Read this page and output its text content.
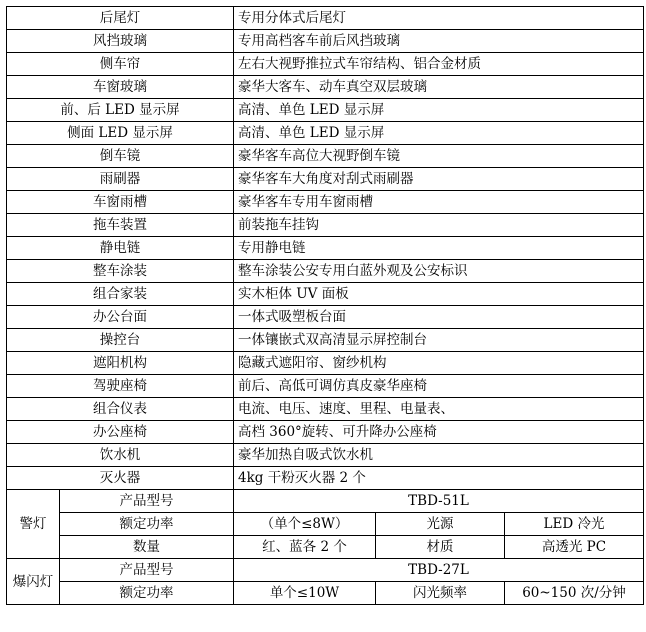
后尾灯		专用分体式后尾灯		
风挡玻璃		专用高档客车前后风挡玻璃		
侧车帘		左右大视野推拉式车帘结构、铝合金材质		
车窗玻璃		豪华大客车、动车真空双层玻璃		
前、后 LED 显示屏		高清、单色 LED 显示屏		
侧面 LED 显示屏		高清、单色 LED 显示屏		
倒车镜		豪华客车高位大视野倒车镜		
雨刷器		豪华客车大角度对刮式雨刷器		
车窗雨槽		豪华客车专用车窗雨槽		
拖车装置		前装拖车挂钩		
静电链		专用静电链		
整车涂装		整车涂装公安专用白蓝外观及公安标识		
组合家装		实木柜体 UV 面板		
办公台面		一体式吸塑板台面		
操控台		一体镶嵌式双高清显示屏控制台		
遮阳机构		隐藏式遮阳帘、窗纱机构		
驾驶座椅		前后、高低可调仿真皮豪华座椅		
组合仪表		电流、电压、速度、里程、电量表、		
办公座椅		高档 360°旋转、可升降办公座椅		
饮水机		豪华加热自吸式饮水机		
灭火器		4kg 干粉灭火器 2 个		
警灯	产品型号	TBD-51L		
	额定功率	（单个≤8W）	光源	LED 冷光
	数量	红、蓝各 2 个	材质	高透光 PC
爆闪灯	产品型号	TBD-27L		
	额定功率	单个≤10W	闪光频率	60~150 次/分钟
